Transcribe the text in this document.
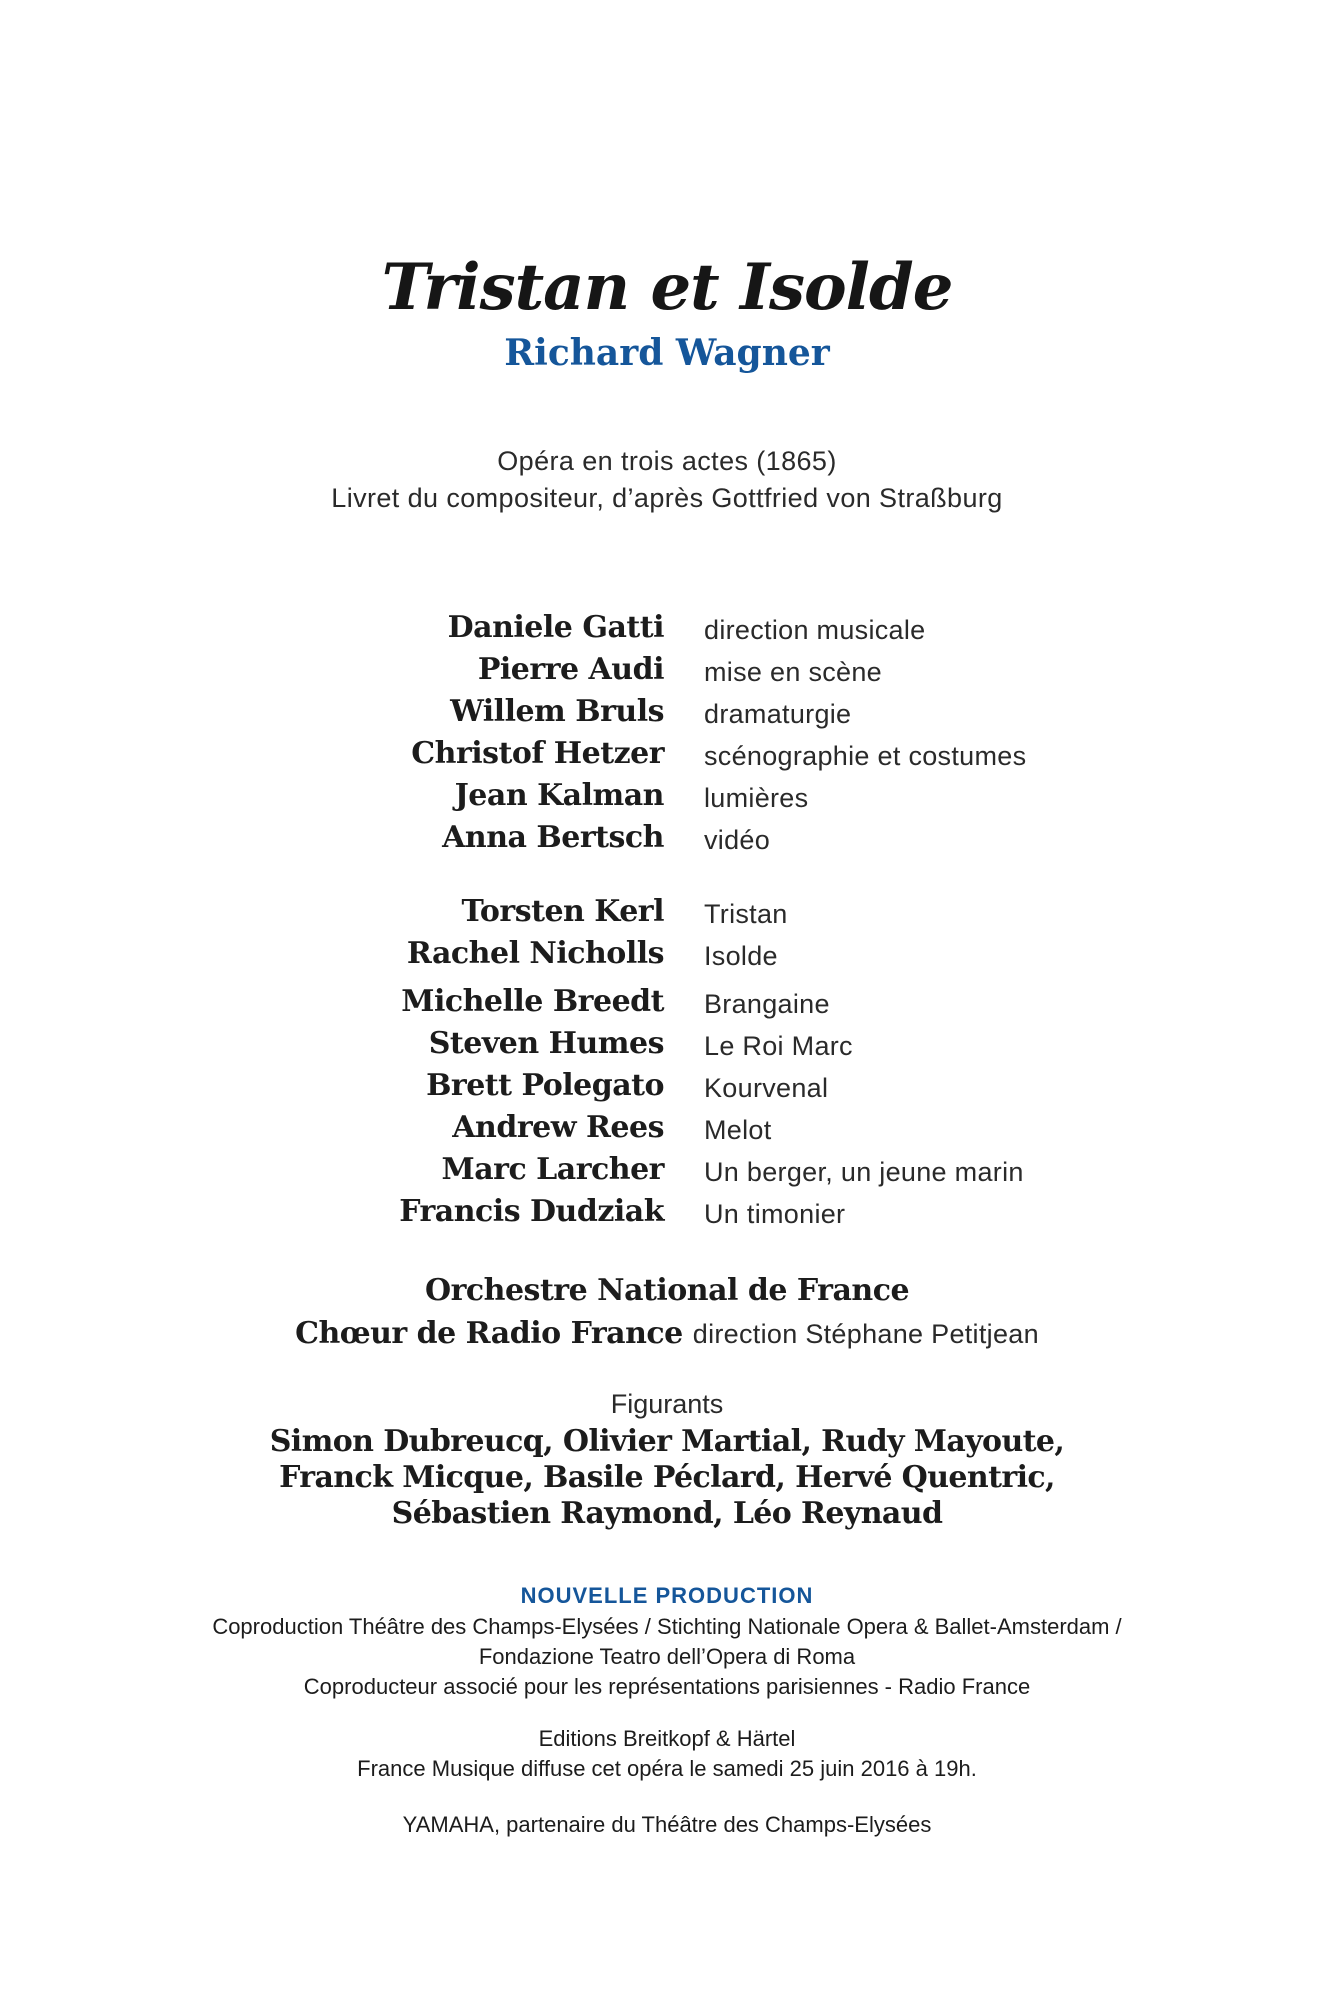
Tristan et Isolde
Richard Wagner
Opéra en trois actes (1865)
Livret du compositeur, d’après Gottfried von Straßburg
Daniele Gatti direction musicale
Pierre Audi mise en scène
Willem Bruls dramaturgie
Christof Hetzer scénographie et costumes
Jean Kalman lumières
Anna Bertsch vidéo
Torsten Kerl Tristan
Rachel Nicholls Isolde
Michelle Breedt Brangaine
Steven Humes Le Roi Marc
Brett Polegato Kourvenal
Andrew Rees Melot
Marc Larcher Un berger, un jeune marin
Francis Dudziak Un timonier
Orchestre National de France
Chœur de Radio France direction Stéphane Petitjean
Figurants
Simon Dubreucq, Olivier Martial, Rudy Mayoute,
Franck Micque, Basile Péclard, Hervé Quentric,
Sébastien Raymond, Léo Reynaud
NOUVELLE PRODUCTION
Coproduction Théâtre des Champs-Elysées / Stichting Nationale Opera & Ballet-Amsterdam /
Fondazione Teatro dell’Opera di Roma
Coproducteur associé pour les représentations parisiennes - Radio France
Editions Breitkopf & Härtel
France Musique diffuse cet opéra le samedi 25 juin 2016 à 19h.
YAMAHA, partenaire du Théâtre des Champs-Elysées
